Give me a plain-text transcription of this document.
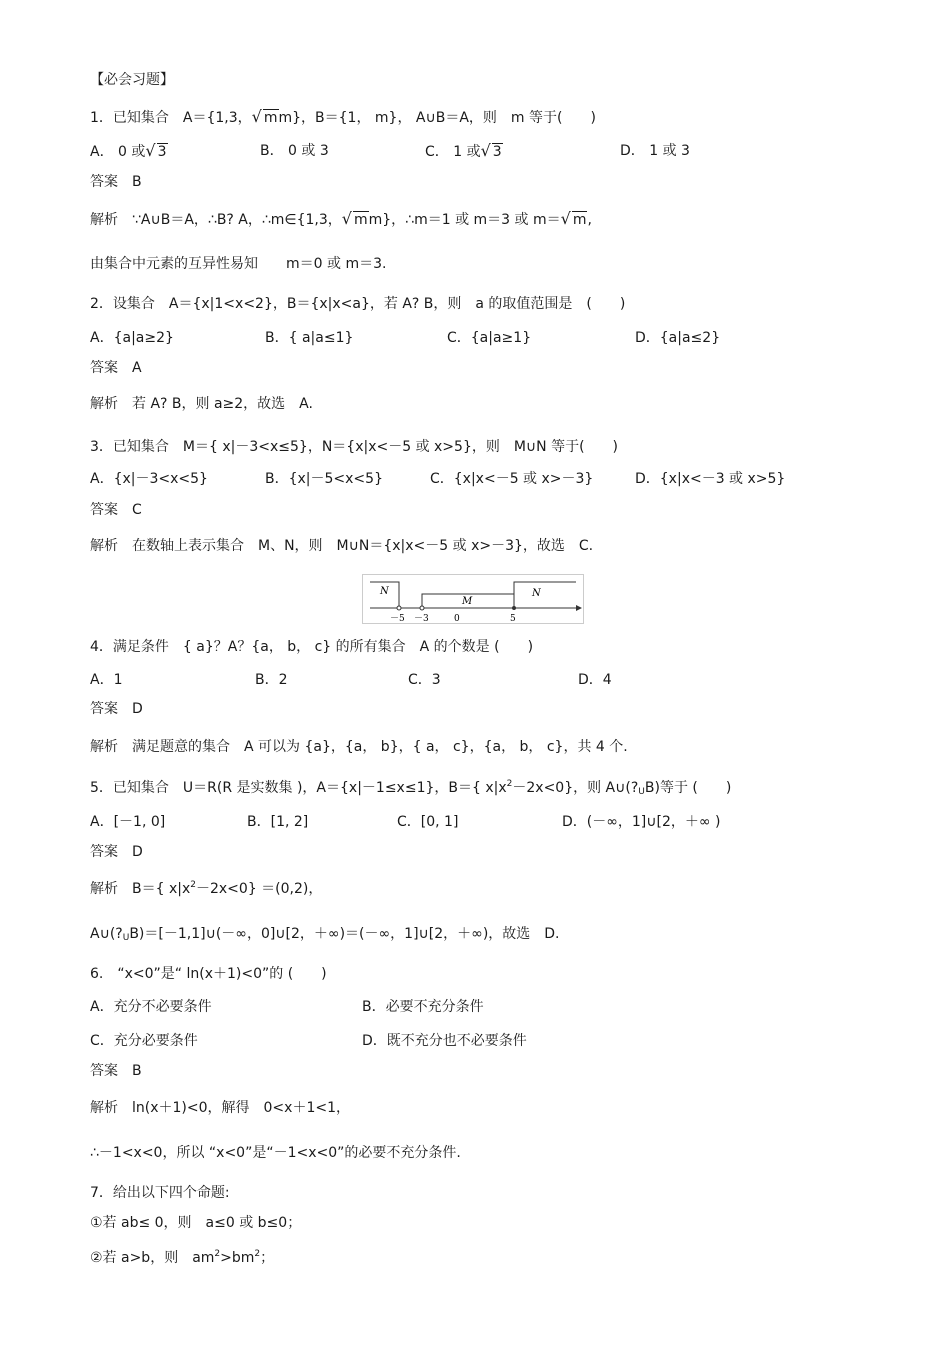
【必会习题】
1．已知集合　A＝{1,3，√ mm}，B＝{1， m}， A∪B＝A，则　m 等于(　　)
A． 0 或√ 3	B． 0 或 3	C． 1 或√ 3	D． 1 或 3
答案 B
解析 ∵A∪B＝A，∴B? A，∴m∈{1,3，√ mm}，∴m＝1 或 m＝3 或 m＝√ m,
由集合中元素的互异性易知　　m＝0 或 m＝3.
2．设集合　A＝{x|1<x<2}，B＝{x|x<a}，若 A? B，则　a 的取值范围是　(　　)
A．{a|a≥2}	B．{ a|a≤1}	C．{a|a≥1}	D．{a|a≤2}
答案 A
解析 若 A? B，则 a≥2，故选　A.
3．已知集合　M＝{ x|－3<x≤5}，N＝{x|x<－5 或 x>5}，则　M∪N 等于(　　)
A．{x|－3<x<5}	B．{x|－5<x<5}	C．{x|x<－5 或 x>－3}	D．{x|x<－3 或 x>5}
答案 C
解析 在数轴上表示集合　M、N，则　M∪N＝{x|x<－5 或 x>－3}，故选　C.
N
M
N
－5 －3	0	5
4．满足条件　{ a}？A？{a， b， c} 的所有集合　A 的个数是 (　　)
A．1	B．2	C．3	D．4
答案 D
解析 满足题意的集合　A 可以为 {a}，{a， b}，{ a， c}，{a， b， c}，共 4 个.
5．已知集合　U＝R(R 是实数集 )，A＝{x|－1≤x≤1}，B＝{ $x|x^2-2x<0$}，则 $A\cup(?_UB)$等于 (　　)
A．[－1, 0]	B．[1, 2]	C．[0, 1]	D．(－∞，1]∪[2，＋∞ )
答案 D
解析 B＝{ $x|x^2-2x<0\} =(0,2)$，
$A\cup(?_UB)=[-1,1]\cup(-\infty$，0]∪[2，＋∞)＝(－∞，1]∪[2，＋∞)，故选　D.
6.　“x<0”是“ ln(x＋1)<0”的 (　　)
A．充分不必要条件	B．必要不充分条件
C．充分必要条件	D．既不充分也不必要条件
答案 B
解析 ln(x＋1)<0，解得　0<x＋1<1，
∴－1<x<0，所以 “x<0”是“－1<x<0”的必要不充分条件.
7．给出以下四个命题:
①若 ab≤ 0，则　a≤0 或 b≤0；
②若 a>b，则　$am^2>bm^2$；
